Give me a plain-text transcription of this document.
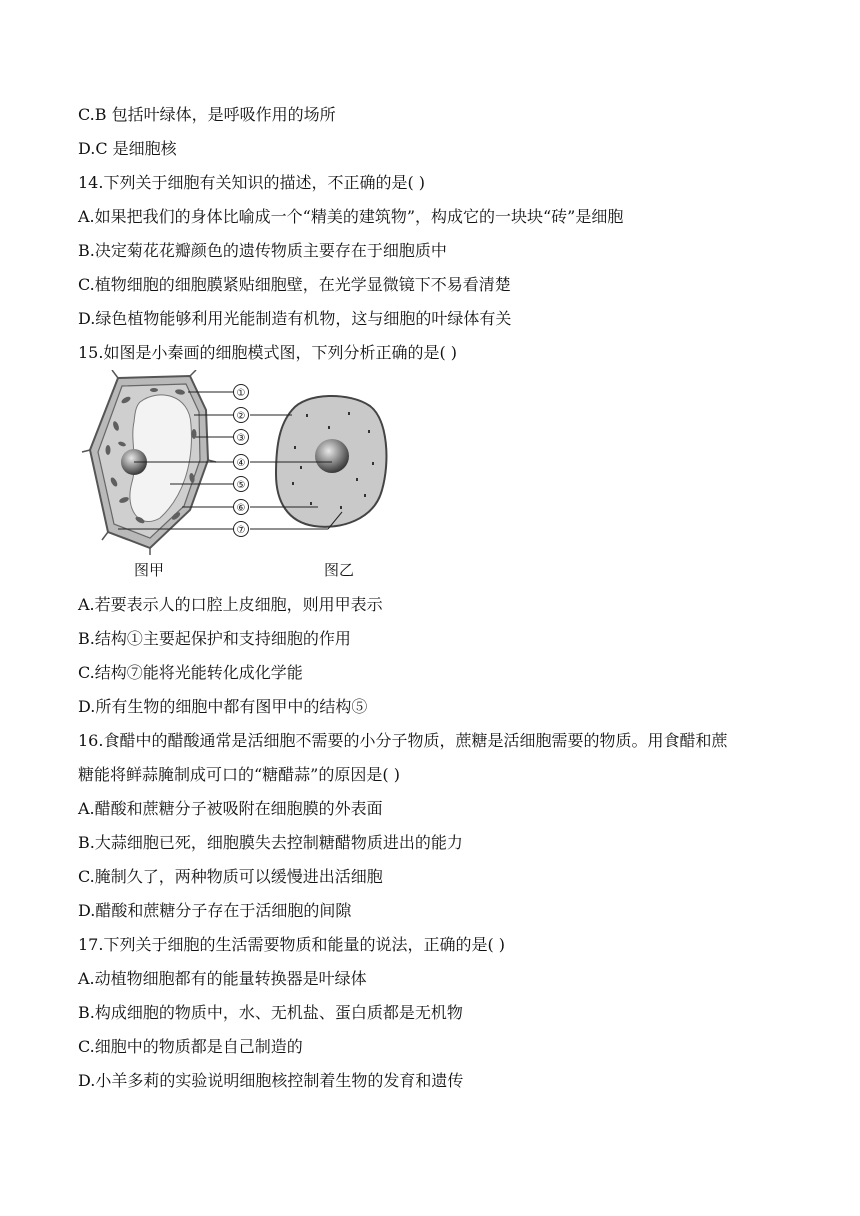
C.B 包括叶绿体，是呼吸作用的场所
D.C 是细胞核
14.下列关于细胞有关知识的描述，不正确的是( )
A.如果把我们的身体比喻成一个“精美的建筑物”，构成它的一块块“砖”是细胞
B.决定菊花花瓣颜色的遗传物质主要存在于细胞质中
C.植物细胞的细胞膜紧贴细胞壁，在光学显微镜下不易看清楚
D.绿色植物能够利用光能制造有机物，这与细胞的叶绿体有关
15.如图是小秦画的细胞模式图，下列分析正确的是( )
①
②
③
④
⑤
⑥
⑦
图甲	图乙
A.若要表示人的口腔上皮细胞，则用甲表示
B.结构①主要起保护和支持细胞的作用
C.结构⑦能将光能转化成化学能
D.所有生物的细胞中都有图甲中的结构⑤
16.食醋中的醋酸通常是活细胞不需要的小分子物质，蔗糖是活细胞需要的物质。用食醋和蔗
糖能将鲜蒜腌制成可口的“糖醋蒜”的原因是( )
A.醋酸和蔗糖分子被吸附在细胞膜的外表面
B.大蒜细胞已死，细胞膜失去控制糖醋物质进出的能力
C.腌制久了，两种物质可以缓慢进出活细胞
D.醋酸和蔗糖分子存在于活细胞的间隙
17.下列关于细胞的生活需要物质和能量的说法，正确的是( )
A.动植物细胞都有的能量转换器是叶绿体
B.构成细胞的物质中，水、无机盐、蛋白质都是无机物
C.细胞中的物质都是自己制造的
D.小羊多莉的实验说明细胞核控制着生物的发育和遗传
